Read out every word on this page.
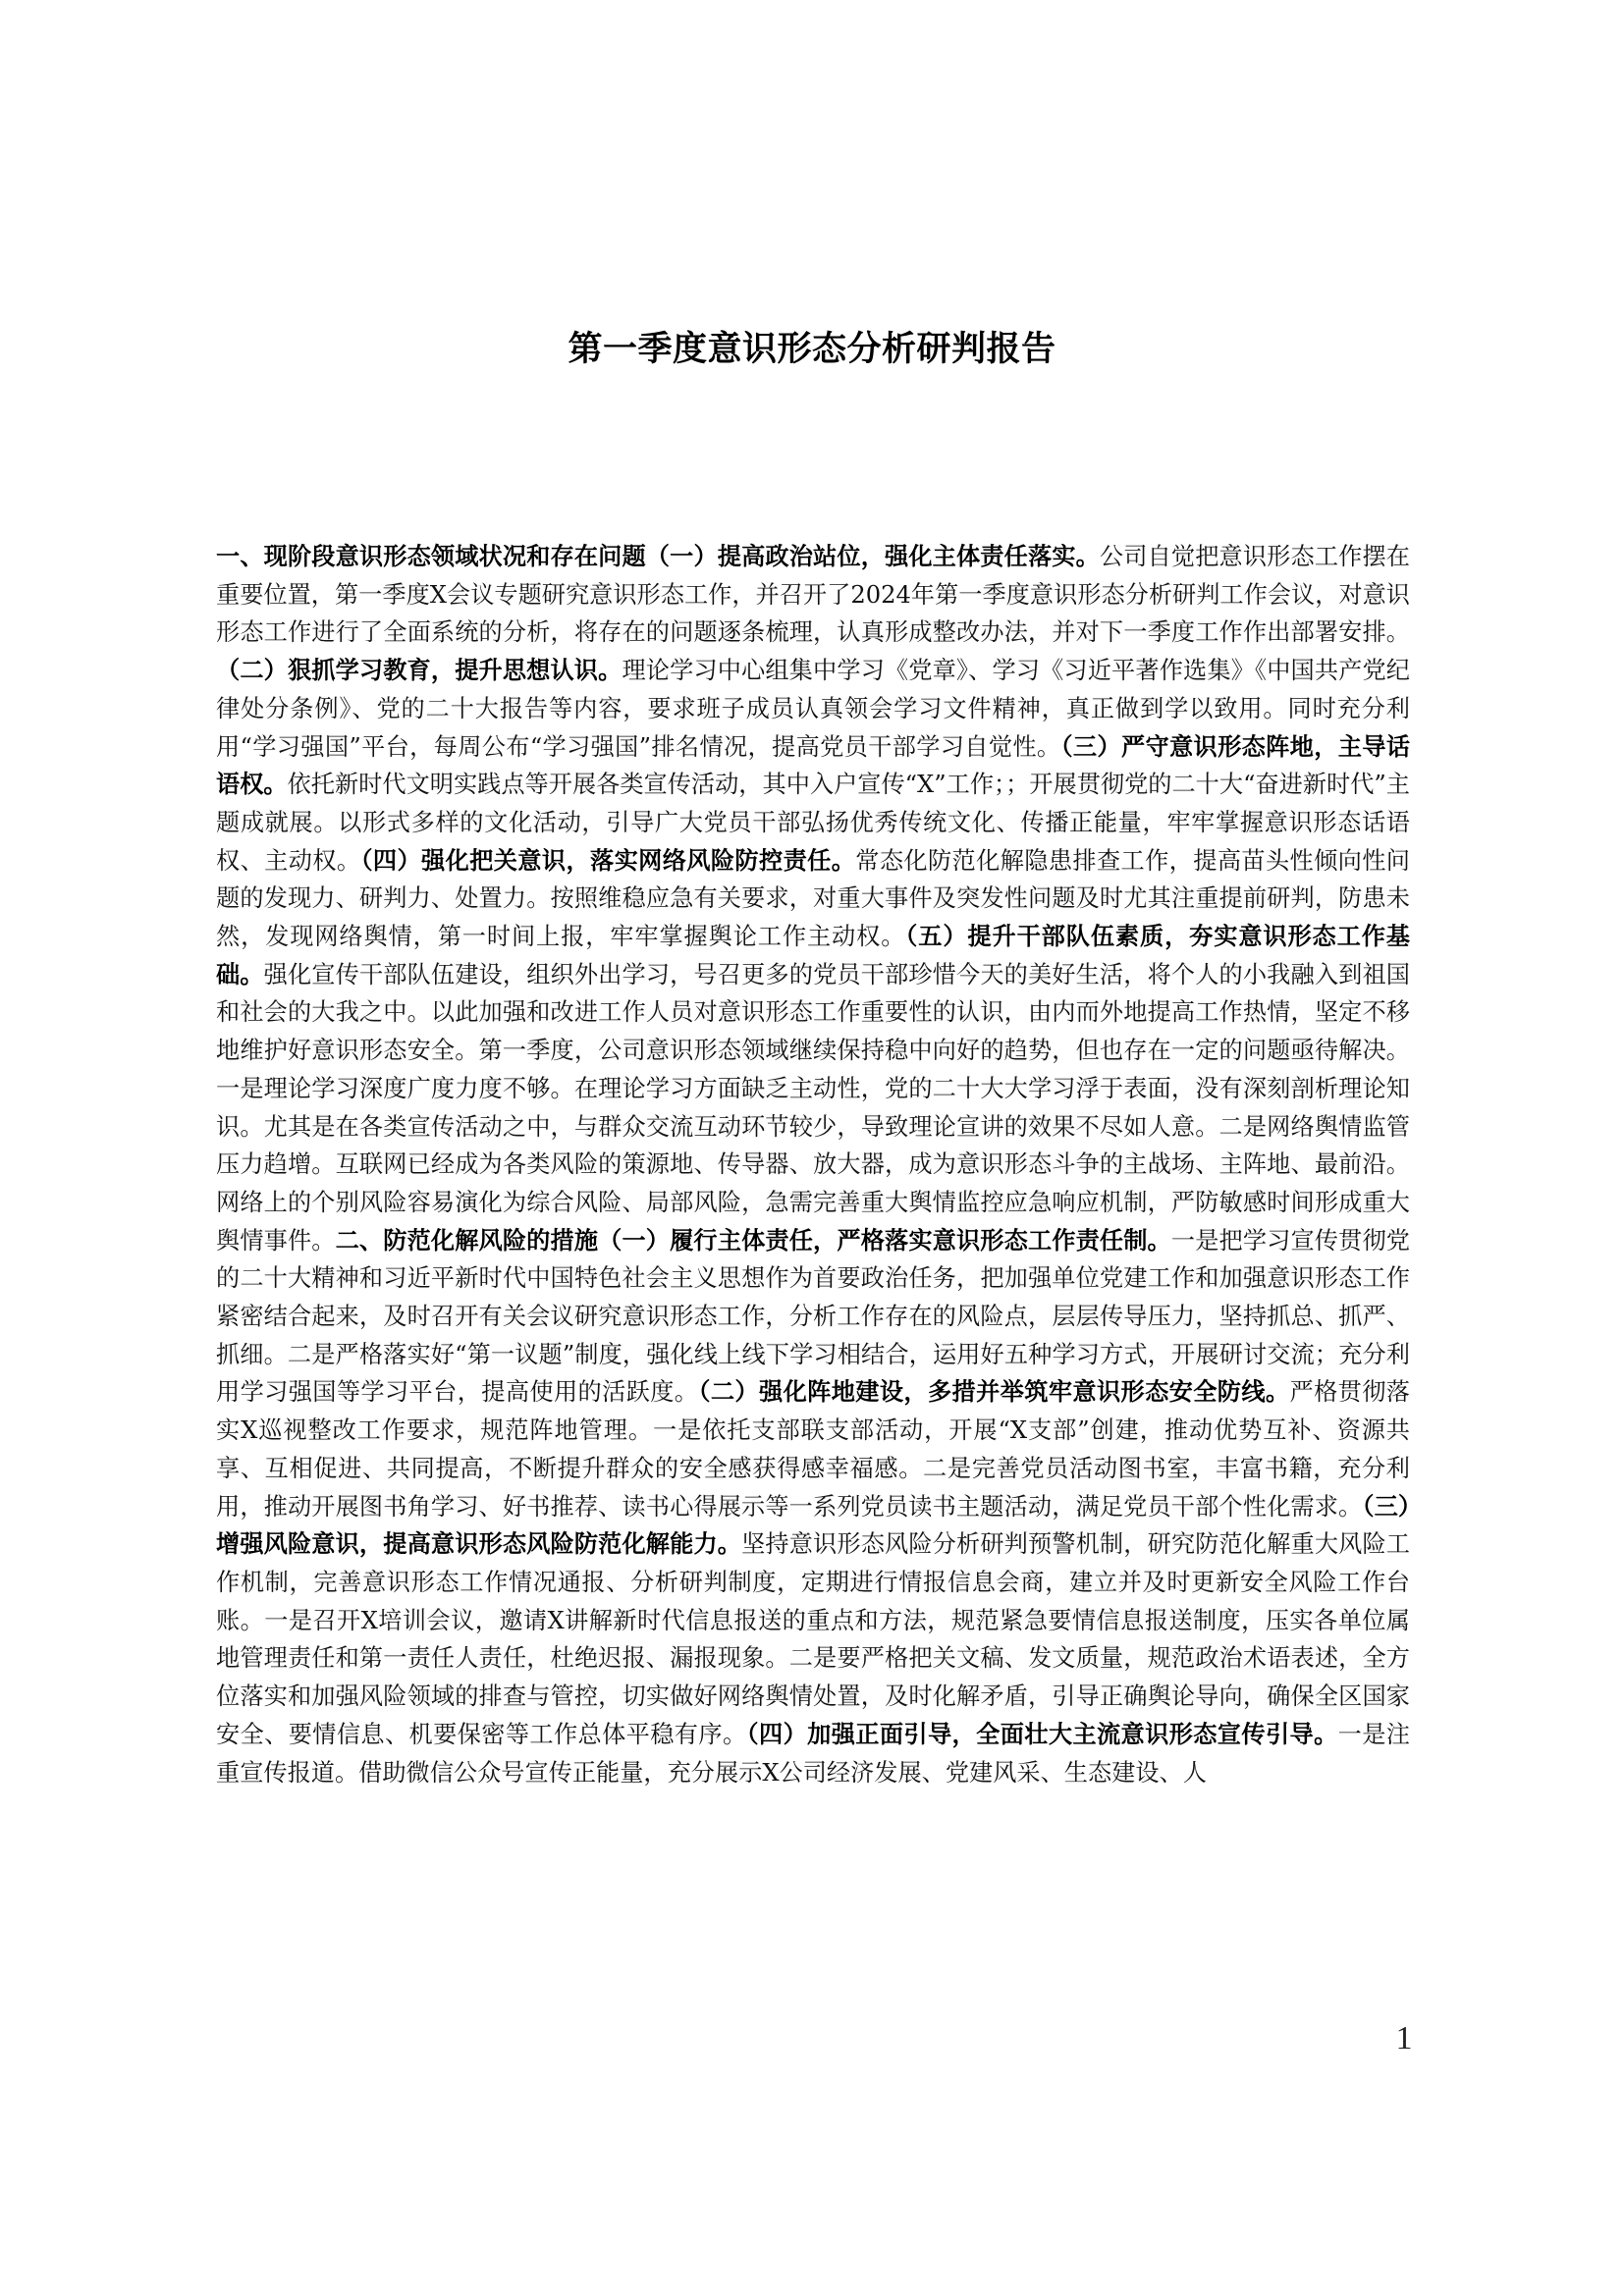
第一季度意识形态分析研判报告

一、现阶段意识形态领域状况和存在问题（一）提高政治站位，强化主体责任落实。公司自觉把意识形态工作摆在重要位置，第一季度X会议专题研究意识形态工作，并召开了2024年第一季度意识形态分析研判工作会议，对意识形态工作进行了全面系统的分析，将存在的问题逐条梳理，认真形成整改办法，并对下一季度工作作出部署安排。（二）狠抓学习教育，提升思想认识。理论学习中心组集中学习《党章》、学习《习近平著作选集》《中国共产党纪律处分条例》、党的二十大报告等内容，要求班子成员认真领会学习文件精神，真正做到学以致用。同时充分利用“学习强国”平台，每周公布“学习强国”排名情况，提高党员干部学习自觉性。（三）严守意识形态阵地，主导话语权。依托新时代文明实践点等开展各类宣传活动，其中入户宣传“X”工作；；开展贯彻党的二十大“奋进新时代”主题成就展。以形式多样的文化活动，引导广大党员干部弘扬优秀传统文化、传播正能量，牢牢掌握意识形态话语权、主动权。（四）强化把关意识，落实网络风险防控责任。常态化防范化解隐患排查工作，提高苗头性倾向性问题的发现力、研判力、处置力。按照维稳应急有关要求，对重大事件及突发性问题及时尤其注重提前研判，防患未然，发现网络舆情，第一时间上报，牢牢掌握舆论工作主动权。（五）提升干部队伍素质，夯实意识形态工作基础。强化宣传干部队伍建设，组织外出学习，号召更多的党员干部珍惜今天的美好生活，将个人的小我融入到祖国和社会的大我之中。以此加强和改进工作人员对意识形态工作重要性的认识，由内而外地提高工作热情，坚定不移地维护好意识形态安全。第一季度，公司意识形态领域继续保持稳中向好的趋势，但也存在一定的问题亟待解决。一是理论学习深度广度力度不够。在理论学习方面缺乏主动性，党的二十大大学习浮于表面，没有深刻剖析理论知识。尤其是在各类宣传活动之中，与群众交流互动环节较少，导致理论宣讲的效果不尽如人意。二是网络舆情监管压力趋增。互联网已经成为各类风险的策源地、传导器、放大器，成为意识形态斗争的主战场、主阵地、最前沿。网络上的个别风险容易演化为综合风险、局部风险，急需完善重大舆情监控应急响应机制，严防敏感时间形成重大舆情事件。二、防范化解风险的措施（一）履行主体责任，严格落实意识形态工作责任制。一是把学习宣传贯彻党的二十大精神和习近平新时代中国特色社会主义思想作为首要政治任务，把加强单位党建工作和加强意识形态工作紧密结合起来，及时召开有关会议研究意识形态工作，分析工作存在的风险点，层层传导压力，坚持抓总、抓严、抓细。二是严格落实好“第一议题”制度，强化线上线下学习相结合，运用好五种学习方式，开展研讨交流；充分利用学习强国等学习平台，提高使用的活跃度。（二）强化阵地建设，多措并举筑牢意识形态安全防线。严格贯彻落实X巡视整改工作要求，规范阵地管理。一是依托支部联支部活动，开展“X支部”创建，推动优势互补、资源共享、互相促进、共同提高，不断提升群众的安全感获得感幸福感。二是完善党员活动图书室，丰富书籍，充分利用，推动开展图书角学习、好书推荐、读书心得展示等一系列党员读书主题活动，满足党员干部个性化需求。（三）增强风险意识，提高意识形态风险防范化解能力。坚持意识形态风险分析研判预警机制，研究防范化解重大风险工作机制，完善意识形态工作情况通报、分析研判制度，定期进行情报信息会商，建立并及时更新安全风险工作台账。一是召开X培训会议，邀请X讲解新时代信息报送的重点和方法，规范紧急要情信息报送制度，压实各单位属地管理责任和第一责任人责任，杜绝迟报、漏报现象。二是要严格把关文稿、发文质量，规范政治术语表述，全方位落实和加强风险领域的排查与管控，切实做好网络舆情处置，及时化解矛盾，引导正确舆论导向，确保全区国家安全、要情信息、机要保密等工作总体平稳有序。（四）加强正面引导，全面壮大主流意识形态宣传引导。一是注重宣传报道。借助微信公众号宣传正能量，充分展示X公司经济发展、党建风采、生态建设、人

1
